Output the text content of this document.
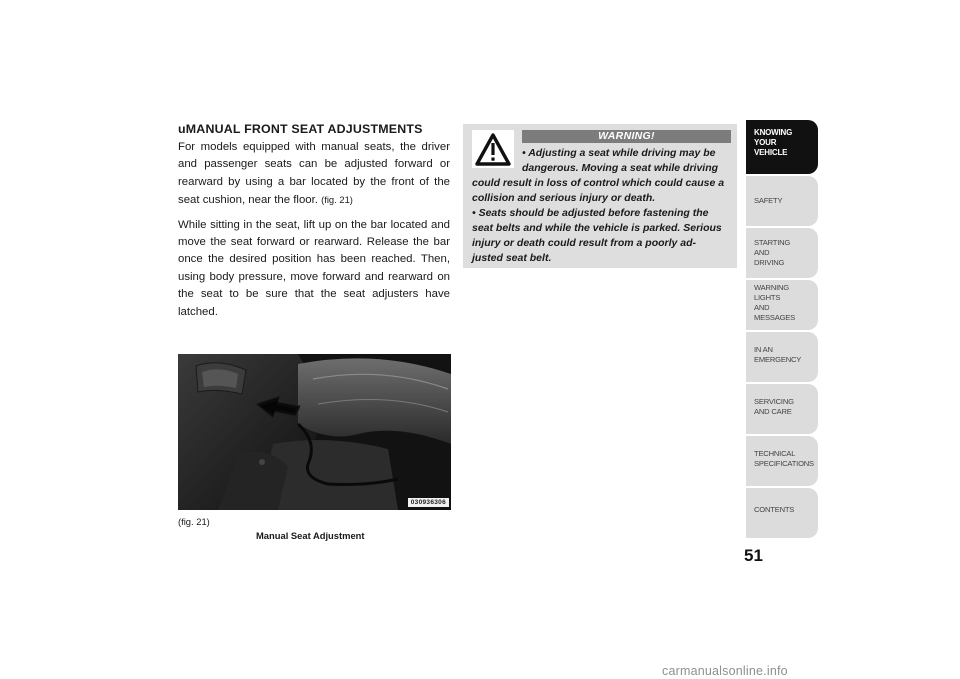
uMANUAL FRONT SEAT ADJUSTMENTS

For models equipped with manual seats, the driver and passenger seats can be adjusted forward or rearward by using a bar located by the front of the seat cushion, near the floor. (fig. 21)

While sitting in the seat, lift up on the bar located and move the seat forward or rearward. Release the bar once the desired position has been reached. Then, using body pressure, move forward and rearward on the seat to be sure that the seat adjusters have latched.

030936306
(fig. 21)
Manual Seat Adjustment
WARNING!
• Adjusting a seat while driving may be
dangerous. Moving a seat while driving
could result in loss of control which could cause a
collision and serious injury or death.
• Seats should be adjusted before fastening the
seat belts and while the vehicle is parked. Serious
injury or death could result from a poorly ad-
justed seat belt.
KNOWING
YOUR
VEHICLE
SAFETY
STARTING
AND
DRIVING
WARNING
LIGHTS
AND
MESSAGES
IN AN
EMERGENCY
SERVICING
AND CARE
TECHNICAL
SPECIFICATIONS
CONTENTS
51
carmanualsonline.info
